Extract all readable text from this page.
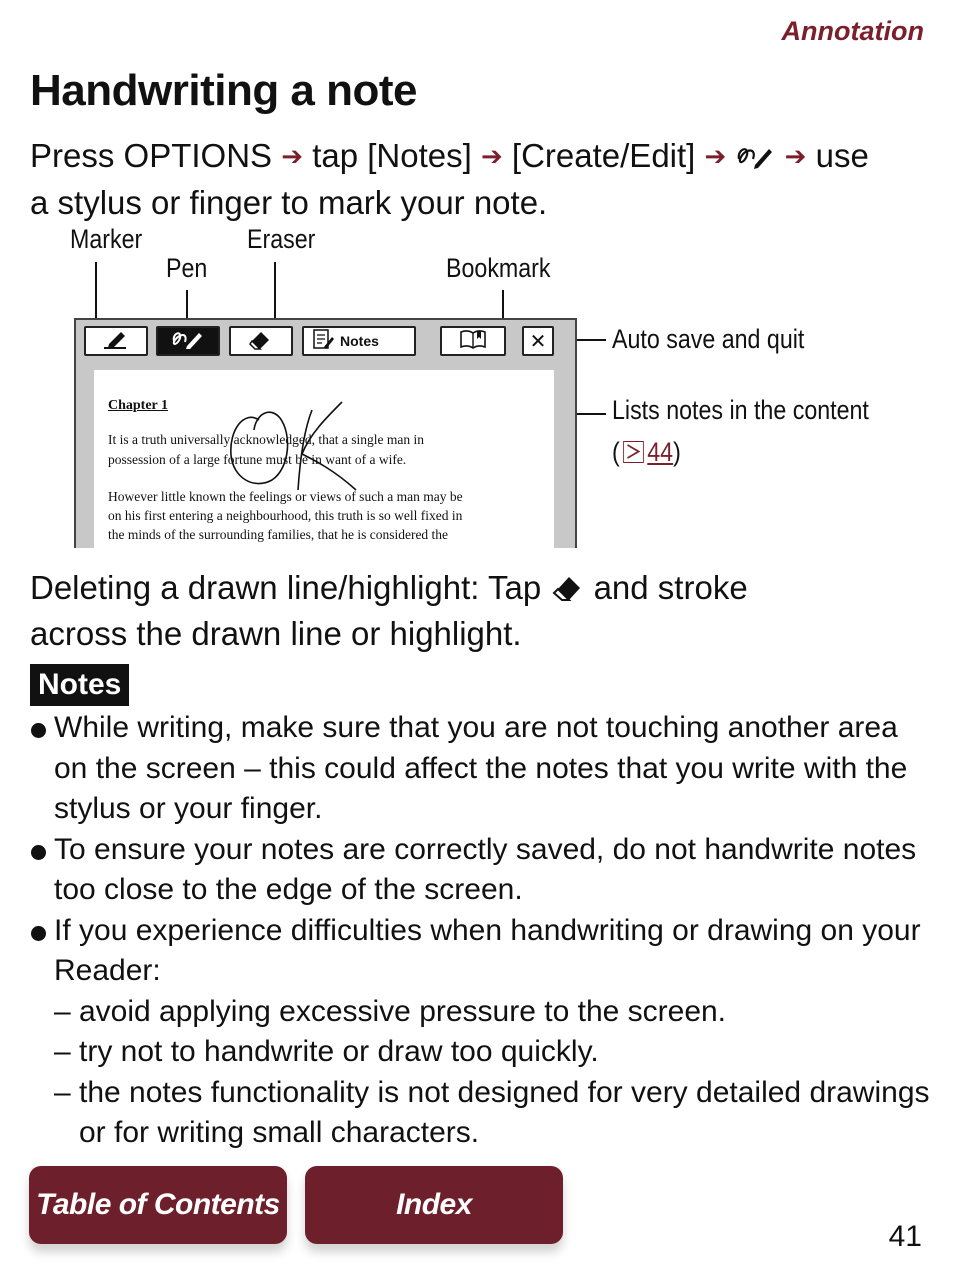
Annotation
Handwriting a note
Press OPTIONS ➔ tap [Notes] ➔ [Create/Edit] ➔ ➔ use
a stylus or finger to mark your note.
Marker
Pen
Eraser
Bookmark
Auto save and quit
Lists notes in the content
( 44)
Notes	✕
Chapter 1
It is a truth universally acknowledged, that a single man in
possession of a large fortune must be in want of a wife.
However little known the feelings or views of such a man may be
on his first entering a neighbourhood, this truth is so well fixed in
the minds of the surrounding families, that he is considered the
Deleting a drawn line/highlight: Tap and stroke
across the drawn line or highlight.
Notes
While writing, make sure that you are not touching another area on the screen – this could affect the notes that you write with the stylus or your finger.
To ensure your notes are correctly saved, do not handwrite notes too close to the edge of the screen.
If you experience difficulties when handwriting or drawing on your Reader:
– avoid applying excessive pressure to the screen.
– try not to handwrite or draw too quickly.
– the notes functionality is not designed for very detailed drawings or for writing small characters.
Table of Contents	Index
41
